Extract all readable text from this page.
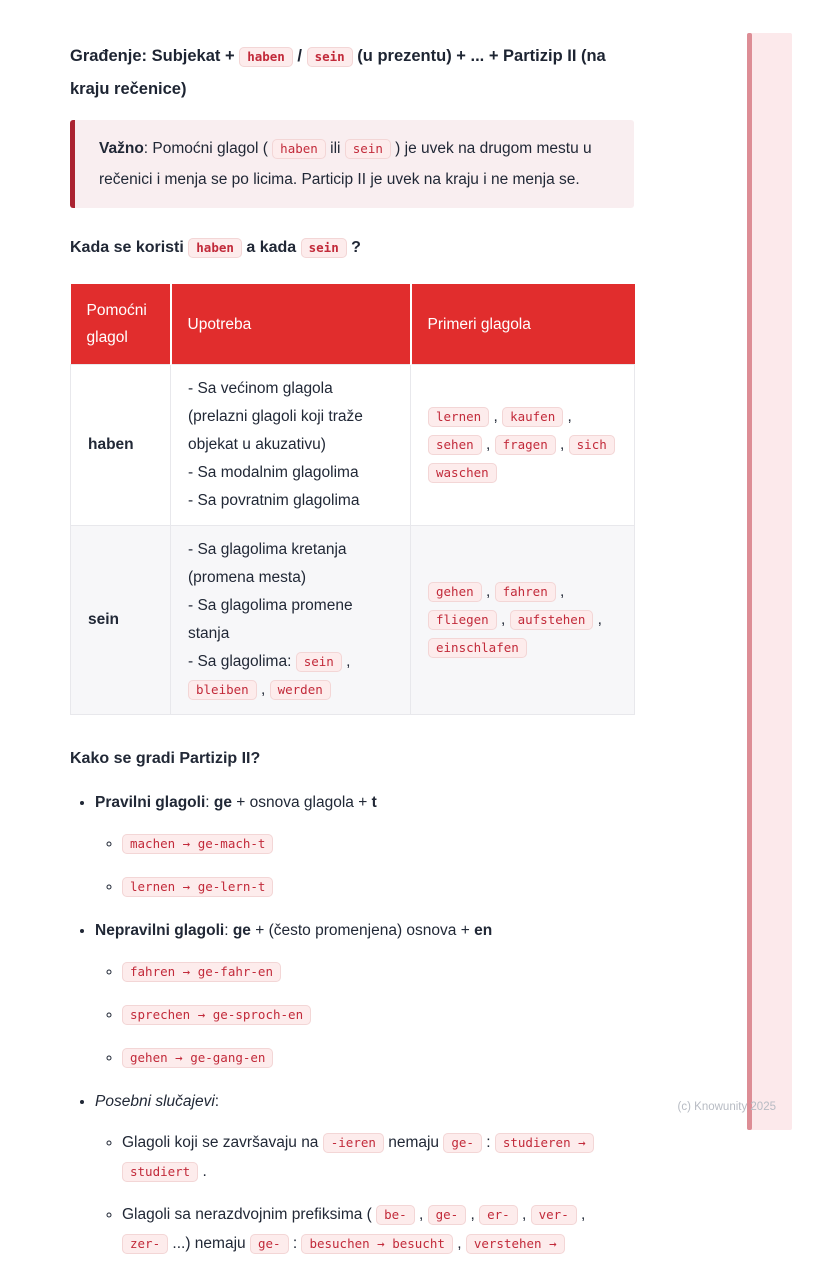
Građenje: Subjekat + haben / sein (u prezentu) + ... + Partizip II (na kraju rečenice)
Važno: Pomoćni glagol ( haben ili sein ) je uvek na drugom mestu u rečenici i menja se po licima. Particip II je uvek na kraju i ne menja se.
Kada se koristi haben a kada sein ?
Pomoćni glagol	Upotreba	Primeri glagola
haben	- Sa većinom glagola (prelazni glagoli koji traže objekat u akuzativu)
- Sa modalnim glagolima
- Sa povratnim glagolima	lernen , kaufen , sehen , fragen , sich waschen
sein	- Sa glagolima kretanja (promena mesta)
- Sa glagolima promene stanja
- Sa glagolima: sein , bleiben , werden	gehen , fahren , fliegen , aufstehen , einschlafen
Kako se gradi Partizip II?
• Pravilni glagoli: ge + osnova glagola + t
◦ machen → ge-mach-t
◦ lernen → ge-lern-t
• Nepravilni glagoli: ge + (često promenjena) osnova + en
◦ fahren → ge-fahr-en
◦ sprechen → ge-sproch-en
◦ gehen → ge-gang-en
• Posebni slučajevi:
◦ Glagoli koji se završavaju na -ieren nemaju ge- : studieren → studiert .
◦ Glagoli sa nerazdvojnim prefiksima ( be- , ge- , er- , ver- , zer- ...) nemaju ge- : besuchen → besucht , verstehen →
(c) Knowunity 2025
